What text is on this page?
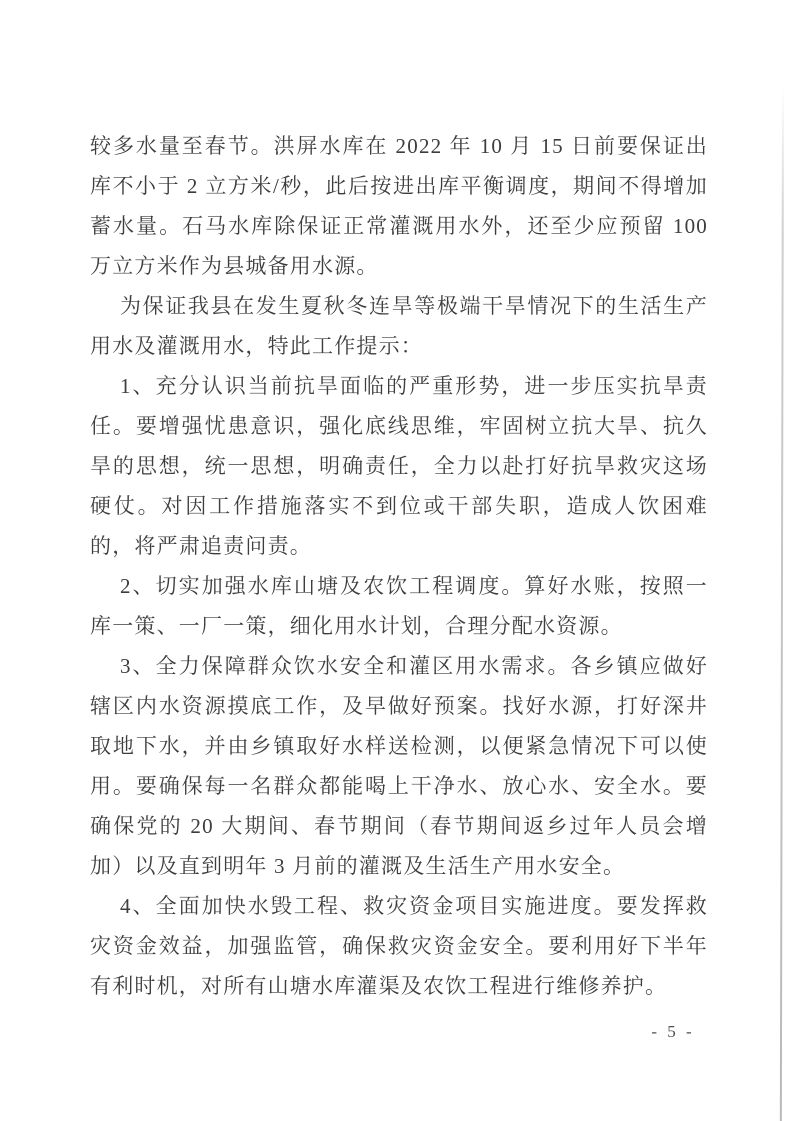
较多水量至春节。洪屏水库在 2022 年 10 月 15 日前要保证出库不小于 2 立方米/秒，此后按进出库平衡调度，期间不得增加蓄水量。石马水库除保证正常灌溉用水外，还至少应预留 100 万立方米作为县城备用水源。

为保证我县在发生夏秋冬连旱等极端干旱情况下的生活生产用水及灌溉用水，特此工作提示：

1、充分认识当前抗旱面临的严重形势，进一步压实抗旱责任。要增强忧患意识，强化底线思维，牢固树立抗大旱、抗久旱的思想，统一思想，明确责任，全力以赴打好抗旱救灾这场硬仗。对因工作措施落实不到位或干部失职，造成人饮困难的，将严肃追责问责。

2、切实加强水库山塘及农饮工程调度。算好水账，按照一库一策、一厂一策，细化用水计划，合理分配水资源。

3、全力保障群众饮水安全和灌区用水需求。各乡镇应做好辖区内水资源摸底工作，及早做好预案。找好水源，打好深井取地下水，并由乡镇取好水样送检测，以便紧急情况下可以使用。要确保每一名群众都能喝上干净水、放心水、安全水。要确保党的 20 大期间、春节期间（春节期间返乡过年人员会增加）以及直到明年 3 月前的灌溉及生活生产用水安全。

4、全面加快水毁工程、救灾资金项目实施进度。要发挥救灾资金效益，加强监管，确保救灾资金安全。要利用好下半年有利时机，对所有山塘水库灌渠及农饮工程进行维修养护。

- 5 -
